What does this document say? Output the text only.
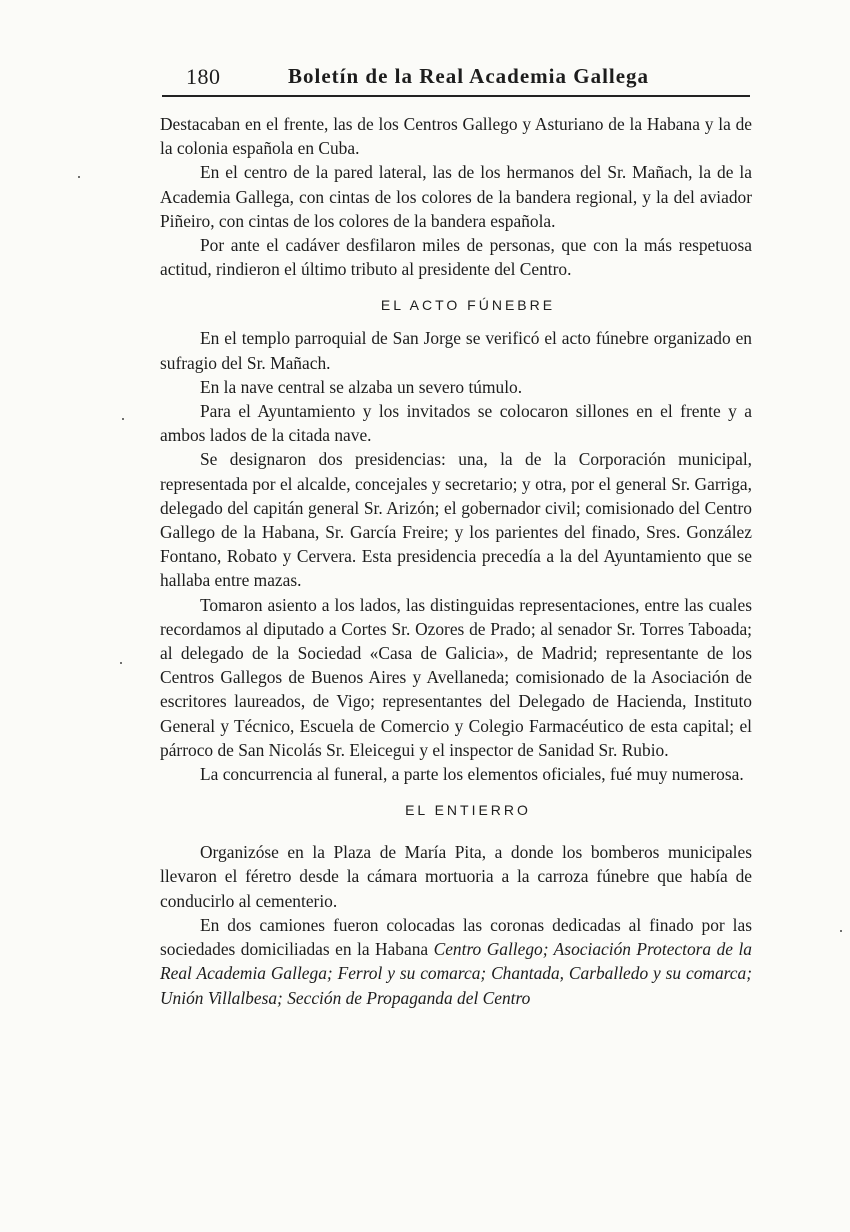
180	Boletín de la Real Academia Gallega

Destacaban en el frente, las de los Centros Gallego y Asturiano de la Habana y la de la colonia española en Cuba.

En el centro de la pared lateral, las de los hermanos del Sr. Mañach, la de la Academia Gallega, con cintas de los colores de la bandera regional, y la del aviador Piñeiro, con cintas de los colores de la bandera española.

Por ante el cadáver desfilaron miles de personas, que con la más respetuosa actitud, rindieron el último tributo al presidente del Centro.

EL ACTO FÚNEBRE

En el templo parroquial de San Jorge se verificó el acto fúnebre organizado en sufragio del Sr. Mañach.

En la nave central se alzaba un severo túmulo.

Para el Ayuntamiento y los invitados se colocaron sillones en el frente y a ambos lados de la citada nave.

Se designaron dos presidencias: una, la de la Corporación municipal, representada por el alcalde, concejales y secretario; y otra, por el general Sr. Garriga, delegado del capitán general Sr. Arizón; el gobernador civil; comisionado del Centro Gallego de la Habana, Sr. García Freire; y los parientes del finado, Sres. González Fontano, Robato y Cervera. Esta presidencia precedía a la del Ayuntamiento que se hallaba entre mazas.

Tomaron asiento a los lados, las distinguidas representaciones, entre las cuales recordamos al diputado a Cortes Sr. Ozores de Prado; al senador Sr. Torres Taboada; al delegado de la Sociedad «Casa de Galicia», de Madrid; representante de los Centros Gallegos de Buenos Aires y Avellaneda; comisionado de la Asociación de escritores laureados, de Vigo; representantes del Delegado de Hacienda, Instituto General y Técnico, Escuela de Comercio y Colegio Farmacéutico de esta capital; el párroco de San Nicolás Sr. Eleicegui y el inspector de Sanidad Sr. Rubio.

La concurrencia al funeral, a parte los elementos oficiales, fué muy numerosa.

EL ENTIERRO

Organizóse en la Plaza de María Pita, a donde los bomberos municipales llevaron el féretro desde la cámara mortuoria a la carroza fúnebre que había de conducirlo al cementerio.

En dos camiones fueron colocadas las coronas dedicadas al finado por las sociedades domiciliadas en la Habana Centro Gallego; Asociación Protectora de la Real Academia Gallega; Ferrol y su comarca; Chantada, Carballedo y su comarca; Unión Villalbesa; Sección de Propaganda del Centro
